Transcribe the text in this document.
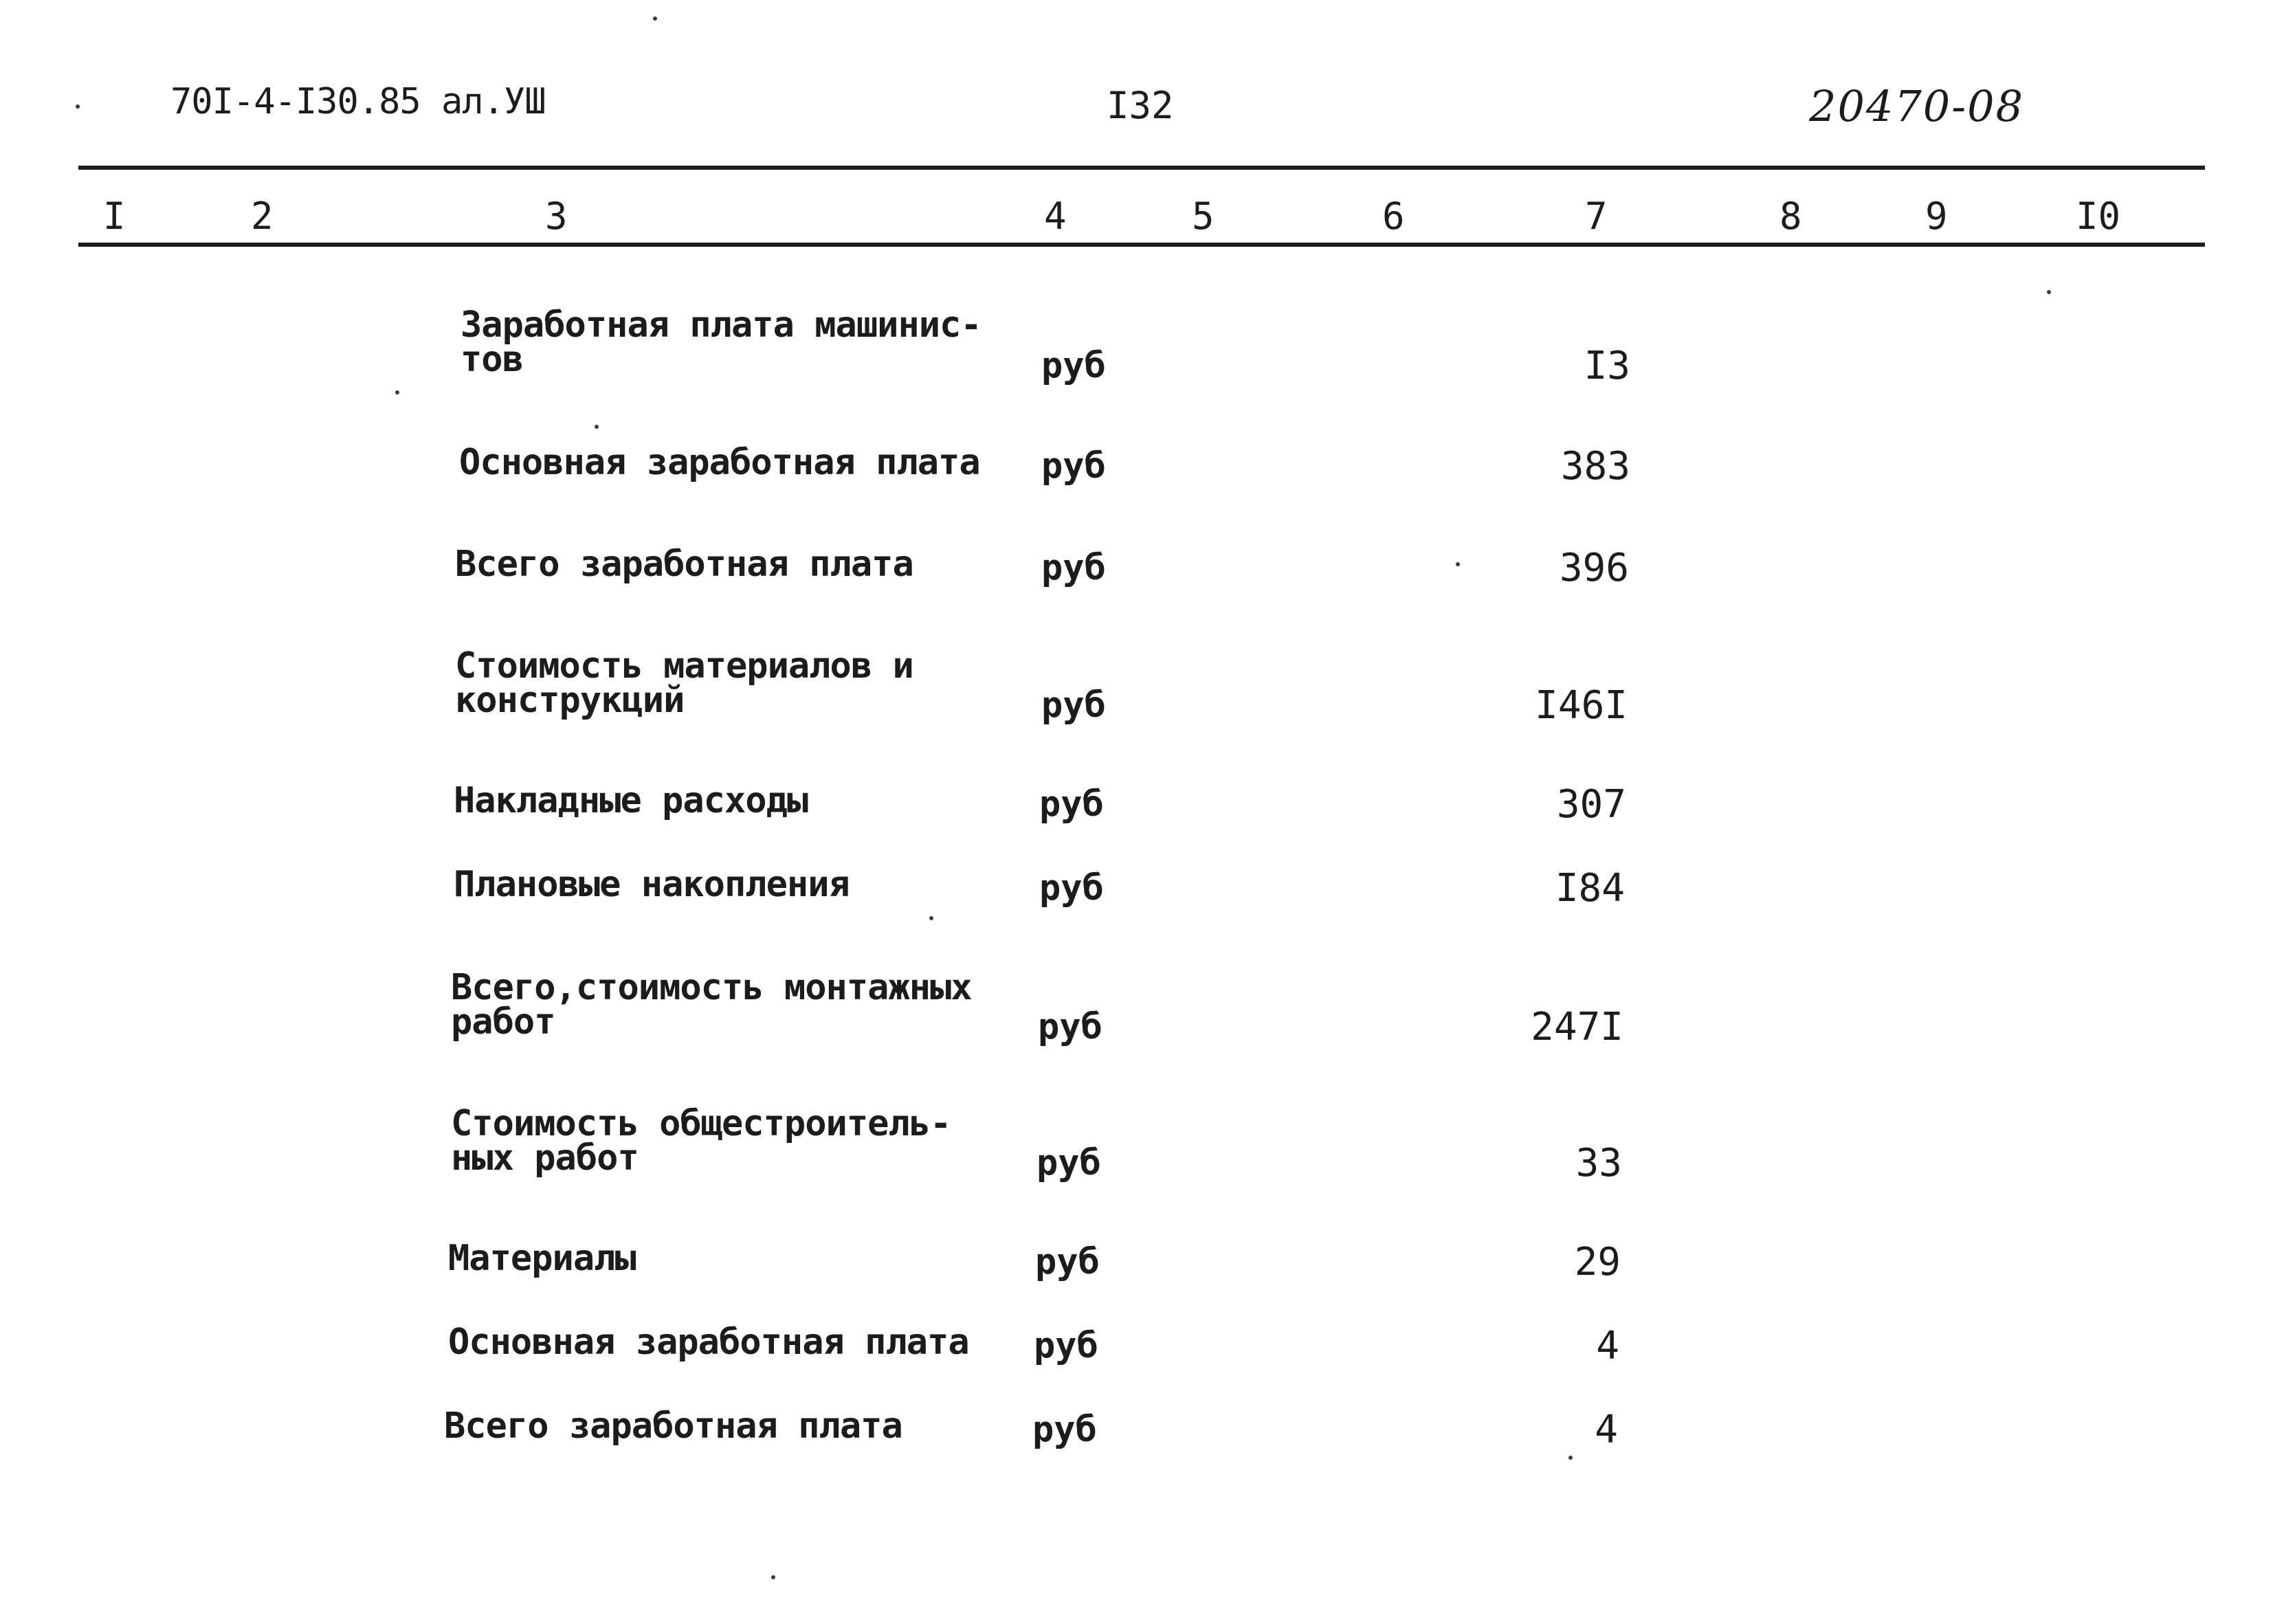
70I-4-I30.85 ал.УШ	I32	20470-08
I	2	3	4	5	6	7	8	9	I0
Заработная плата машинис-
тов	руб	I3
Основная заработная плата руб	383
Всего заработная плата	руб	396
Стоимость материалов и
конструкций	руб	I46I
Накладные расходы	руб	307
Плановые накопления	руб	I84
Всего,стоимость монтажных
работ	руб	247I
Стоимость общестроитель-
ных работ	руб	33
Материалы	руб	29
Основная заработная плата руб	4
Всего заработная плата	руб	4
